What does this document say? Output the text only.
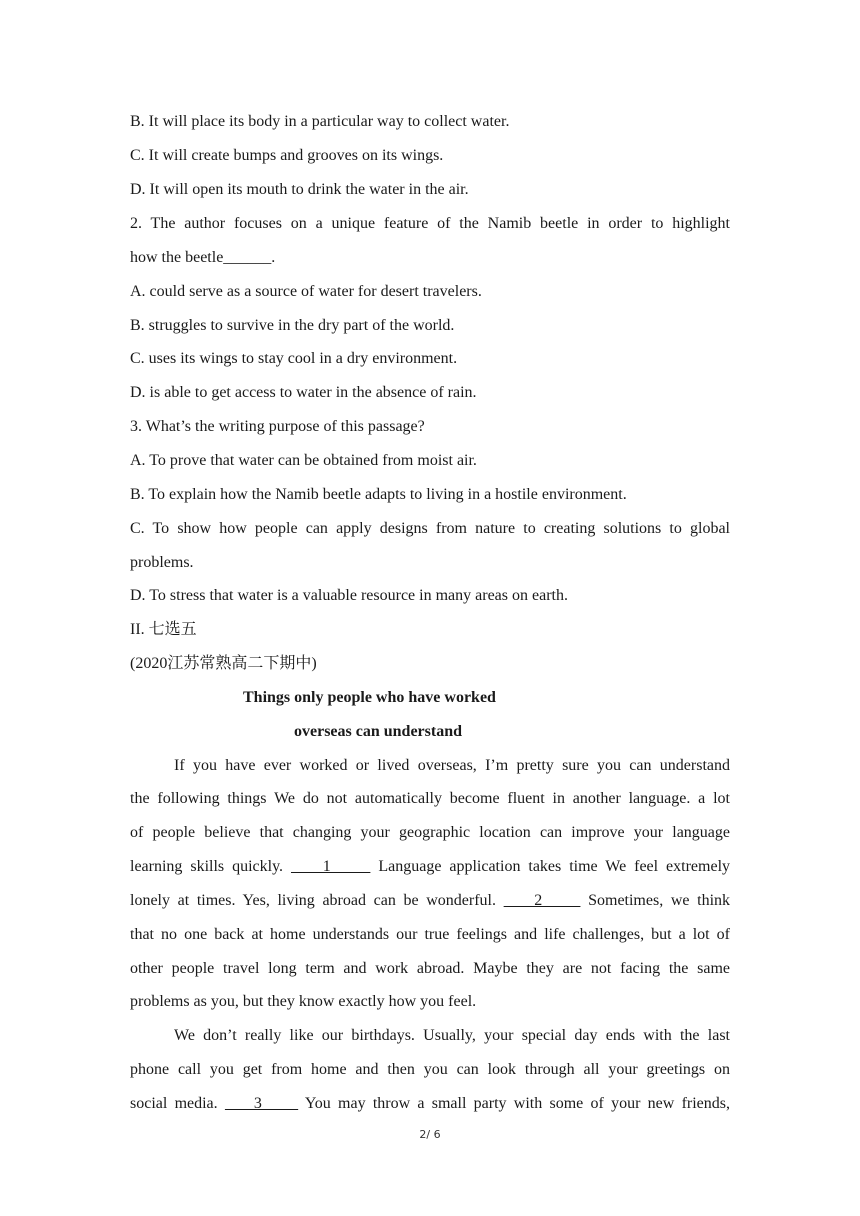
B. It will place its body in a particular way to collect water.
C. It will create bumps and grooves on its wings.
D. It will open its mouth to drink the water in the air.
2. The author focuses on a unique feature of the Namib beetle in order to highlight
how the beetle______.
A. could serve as a source of water for desert travelers.
B. struggles to survive in the dry part of the world.
C. uses its wings to stay cool in a dry environment.
D. is able to get access to water in the absence of rain.
3. What’s the writing purpose of this passage?
A. To prove that water can be obtained from moist air.
B. To explain how the Namib beetle adapts to living in a hostile environment.
C. To show how people can apply designs from nature to creating solutions to global
problems.
D. To stress that water is a valuable resource in many areas on earth.
II. 七选五
(2020江苏常熟高二下期中)
Things only people who have worked
overseas can understand
If you have ever worked or lived overseas, I’m pretty sure you can understand
the following things We do not automatically become fluent in another language. a lot
of people believe that changing your geographic location can improve your language
learning skills quickly.     1      Language application takes time We feel extremely
lonely at times. Yes, living abroad can be wonderful.     2      Sometimes, we think
that no one back at home understands our true feelings and life challenges, but a lot of
other people travel long term and work abroad. Maybe they are not facing the same
problems as you, but they know exactly how you feel.
We don’t really like our birthdays. Usually, your special day ends with the last
phone call you get from home and then you can look through all your greetings on
social media.     3      You may throw a small party with some of your new friends,
2/ 6
